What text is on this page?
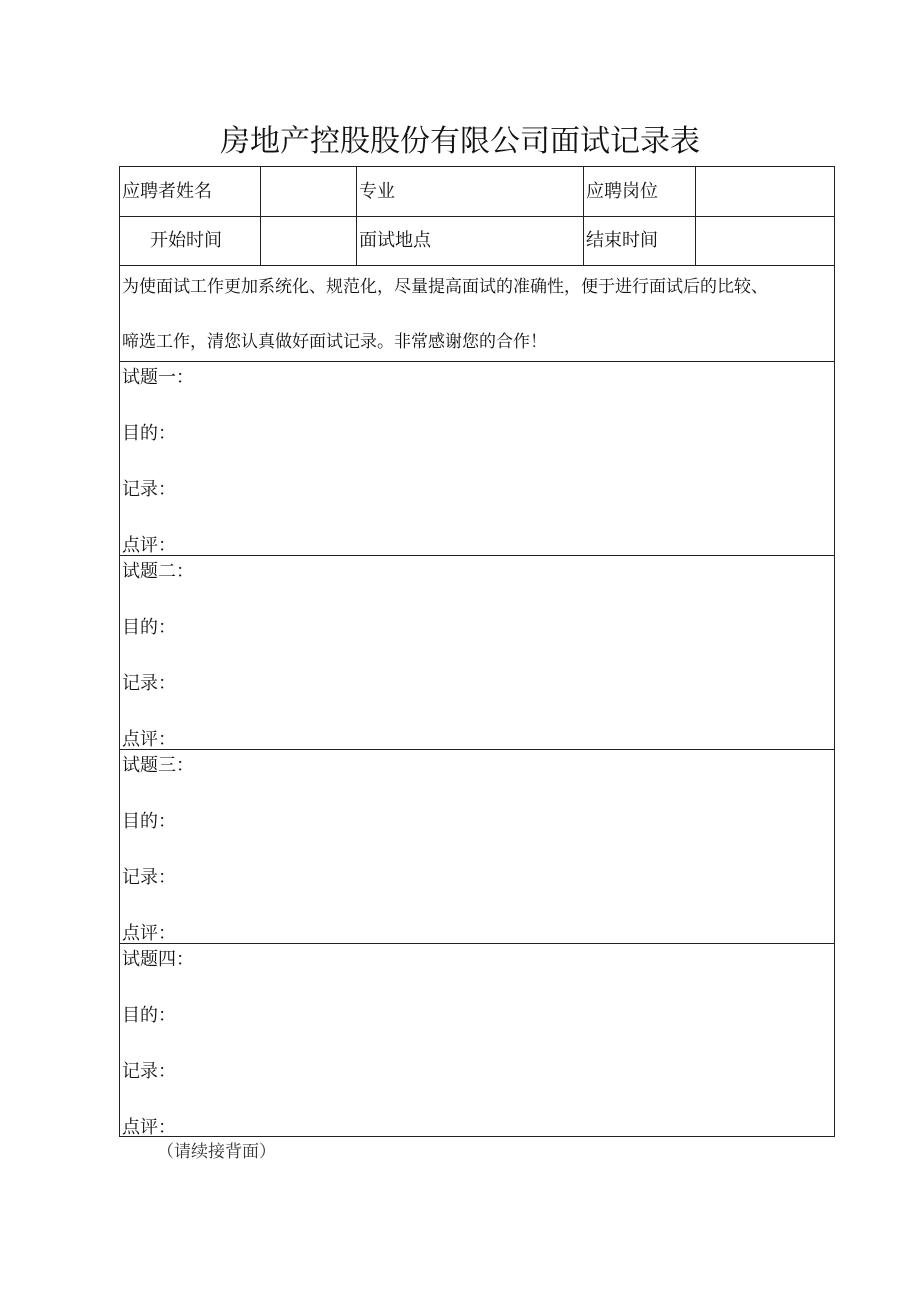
房地产控股股份有限公司面试记录表
应聘者姓名	专业	应聘岗位
开始时间	面试地点	结束时间
为使面试工作更加系统化、规范化，尽量提高面试的准确性，便于进行面试后的比较、
啼选工作，清您认真做好面试记录。非常感谢您的合作！
试题一：
目的：
记录：
点评：
试题二：
目的：
记录：
点评：
试题三：
目的：
记录：
点评：
试题四：
目的：
记录：
点评：
（请续接背面）
